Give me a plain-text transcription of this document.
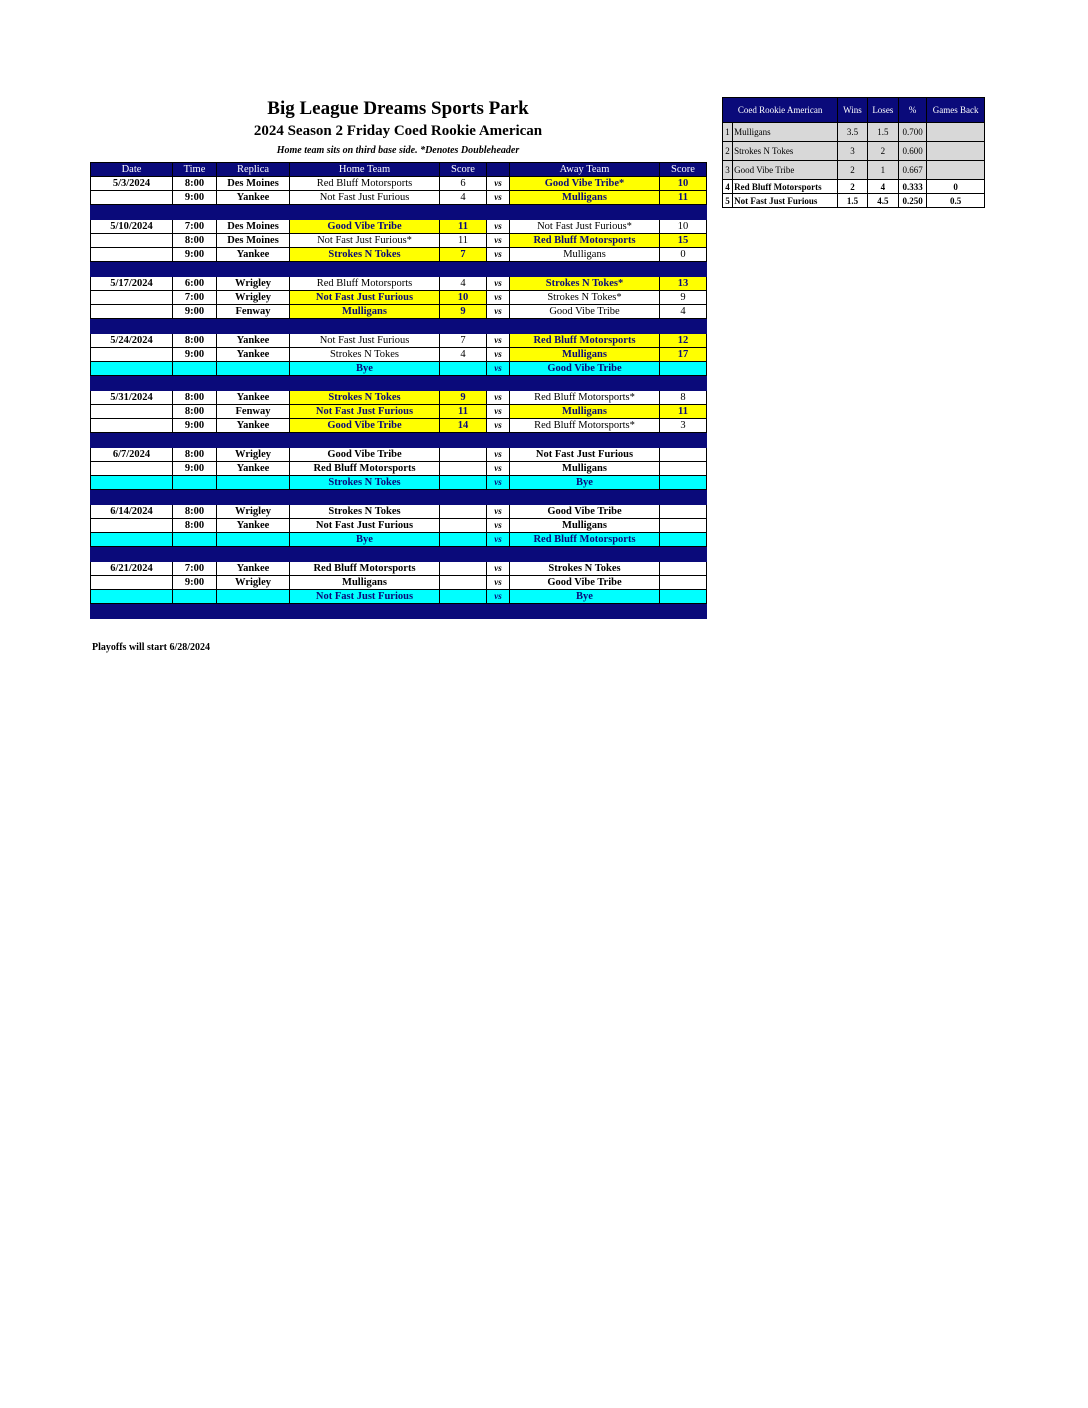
Big League Dreams Sports Park
2024 Season 2 Friday Coed Rookie American
Home team sits on third base side. *Denotes Doubleheader
Date	Time	Replica	Home Team	Score		Away Team	Score
5/3/2024	8:00	Des Moines	Red Bluff Motorsports	6	vs	Good Vibe Tribe*	10
	9:00	Yankee	Not Fast Just Furious	4	vs	Mulligans	11

5/10/2024	7:00	Des Moines	Good Vibe Tribe	11	vs	Not Fast Just Furious*	10
	8:00	Des Moines	Not Fast Just Furious*	11	vs	Red Bluff Motorsports	15
	9:00	Yankee	Strokes N Tokes	7	vs	Mulligans	0

5/17/2024	6:00	Wrigley	Red Bluff Motorsports	4	vs	Strokes N Tokes*	13
	7:00	Wrigley	Not Fast Just Furious	10	vs	Strokes N Tokes*	9
	9:00	Fenway	Mulligans	9	vs	Good Vibe Tribe	4

5/24/2024	8:00	Yankee	Not Fast Just Furious	7	vs	Red Bluff Motorsports	12
	9:00	Yankee	Strokes N Tokes	4	vs	Mulligans	17
			Bye		vs	Good Vibe Tribe	

5/31/2024	8:00	Yankee	Strokes N Tokes	9	vs	Red Bluff Motorsports*	8
	8:00	Fenway	Not Fast Just Furious	11	vs	Mulligans	11
	9:00	Yankee	Good Vibe Tribe	14	vs	Red Bluff Motorsports*	3

6/7/2024	8:00	Wrigley	Good Vibe Tribe		vs	Not Fast Just Furious	
	9:00	Yankee	Red Bluff Motorsports		vs	Mulligans	
			Strokes N Tokes		vs	Bye	

6/14/2024	8:00	Wrigley	Strokes N Tokes		vs	Good Vibe Tribe	
	8:00	Yankee	Not Fast Just Furious		vs	Mulligans	
			Bye		vs	Red Bluff Motorsports	

6/21/2024	7:00	Yankee	Red Bluff Motorsports		vs	Strokes N Tokes	
	9:00	Wrigley	Mulligans		vs	Good Vibe Tribe	
			Not Fast Just Furious		vs	Bye	

Coed Rookie American		Wins	Loses	%	Games Back
1	Mulligans	3.5	1.5	0.700	
2	Strokes N Tokes	3	2	0.600	
3	Good Vibe Tribe	2	1	0.667	
4	Red Bluff Motorsports	2	4	0.333	0
5	Not Fast Just Furious	1.5	4.5	0.250	0.5
Playoffs will start 6/28/2024
